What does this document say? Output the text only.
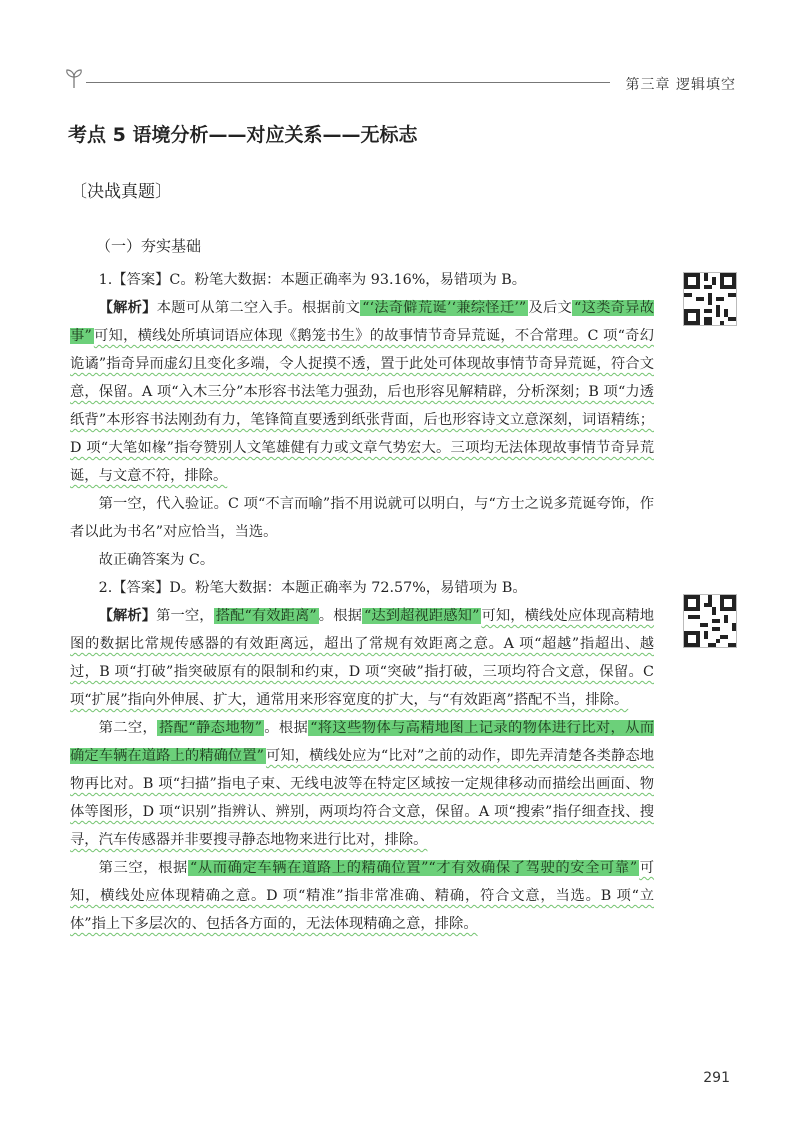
第三章 逻辑填空
考点 5 语境分析——对应关系——无标志
〔决战真题〕
（一）夯实基础

1.【答案】C。粉笔大数据：本题正确率为 93.16%，易错项为 B。

【解析】本题可从第二空入手。根据前文 “‘法奇僻荒诞’‘兼综怪迁’” 及后文 “这类奇异故事” 可知，横线处所填词语应体现《鹅笼书生》的故事情节奇异荒诞，不合常理。C 项“奇幻诡谲”指奇异而虚幻且变化多端，令人捉摸不透，置于此处可体现故事情节奇异荒诞，符合文意，保留。A 项“入木三分”本形容书法笔力强劲，后也形容见解精辟，分析深刻；B 项“力透纸背”本形容书法刚劲有力，笔锋简直要透到纸张背面，后也形容诗文立意深刻，词语精练；D 项“大笔如椽”指夸赞别人文笔雄健有力或文章气势宏大。三项均无法体现故事情节奇异荒诞，与文意不符，排除。

第一空，代入验证。C 项“不言而喻”指不用说就可以明白，与“方士之说多荒诞夸饰，作者以此为书名”对应恰当，当选。

故正确答案为 C。

2.【答案】D。粉笔大数据：本题正确率为 72.57%，易错项为 B。

【解析】第一空， 搭配“有效距离” 。根据 “达到超视距感知” 可知，横线处应体现高精地图的数据比常规传感器的有效距离远，超出了常规有效距离之意。A 项“超越”指超出、越过，B 项“打破”指突破原有的限制和约束，D 项“突破”指打破，三项均符合文意，保留。C 项“扩展”指向外伸展、扩大，通常用来形容宽度的扩大，与“有效距离”搭配不当，排除。

第二空， 搭配“静态地物” 。根据 “将这些物体与高精地图上记录的物体进行比对，从而确定车辆在道路上的精确位置” 可知，横线处应为“比对”之前的动作，即先弄清楚各类静态地物再比对。B 项“扫描”指电子束、无线电波等在特定区域按一定规律移动而描绘出画面、物体等图形，D 项“识别”指辨认、辨别，两项均符合文意，保留。A 项“搜索”指仔细查找、搜寻，汽车传感器并非要搜寻静态地物来进行比对，排除。

第三空，根据 “从而确定车辆在道路上的精确位置”“才有效确保了驾驶的安全可靠” 可知，横线处应体现精确之意。D 项“精准”指非常准确、精确，符合文意，当选。B 项“立体”指上下多层次的、包括各方面的，无法体现精确之意，排除。

291
